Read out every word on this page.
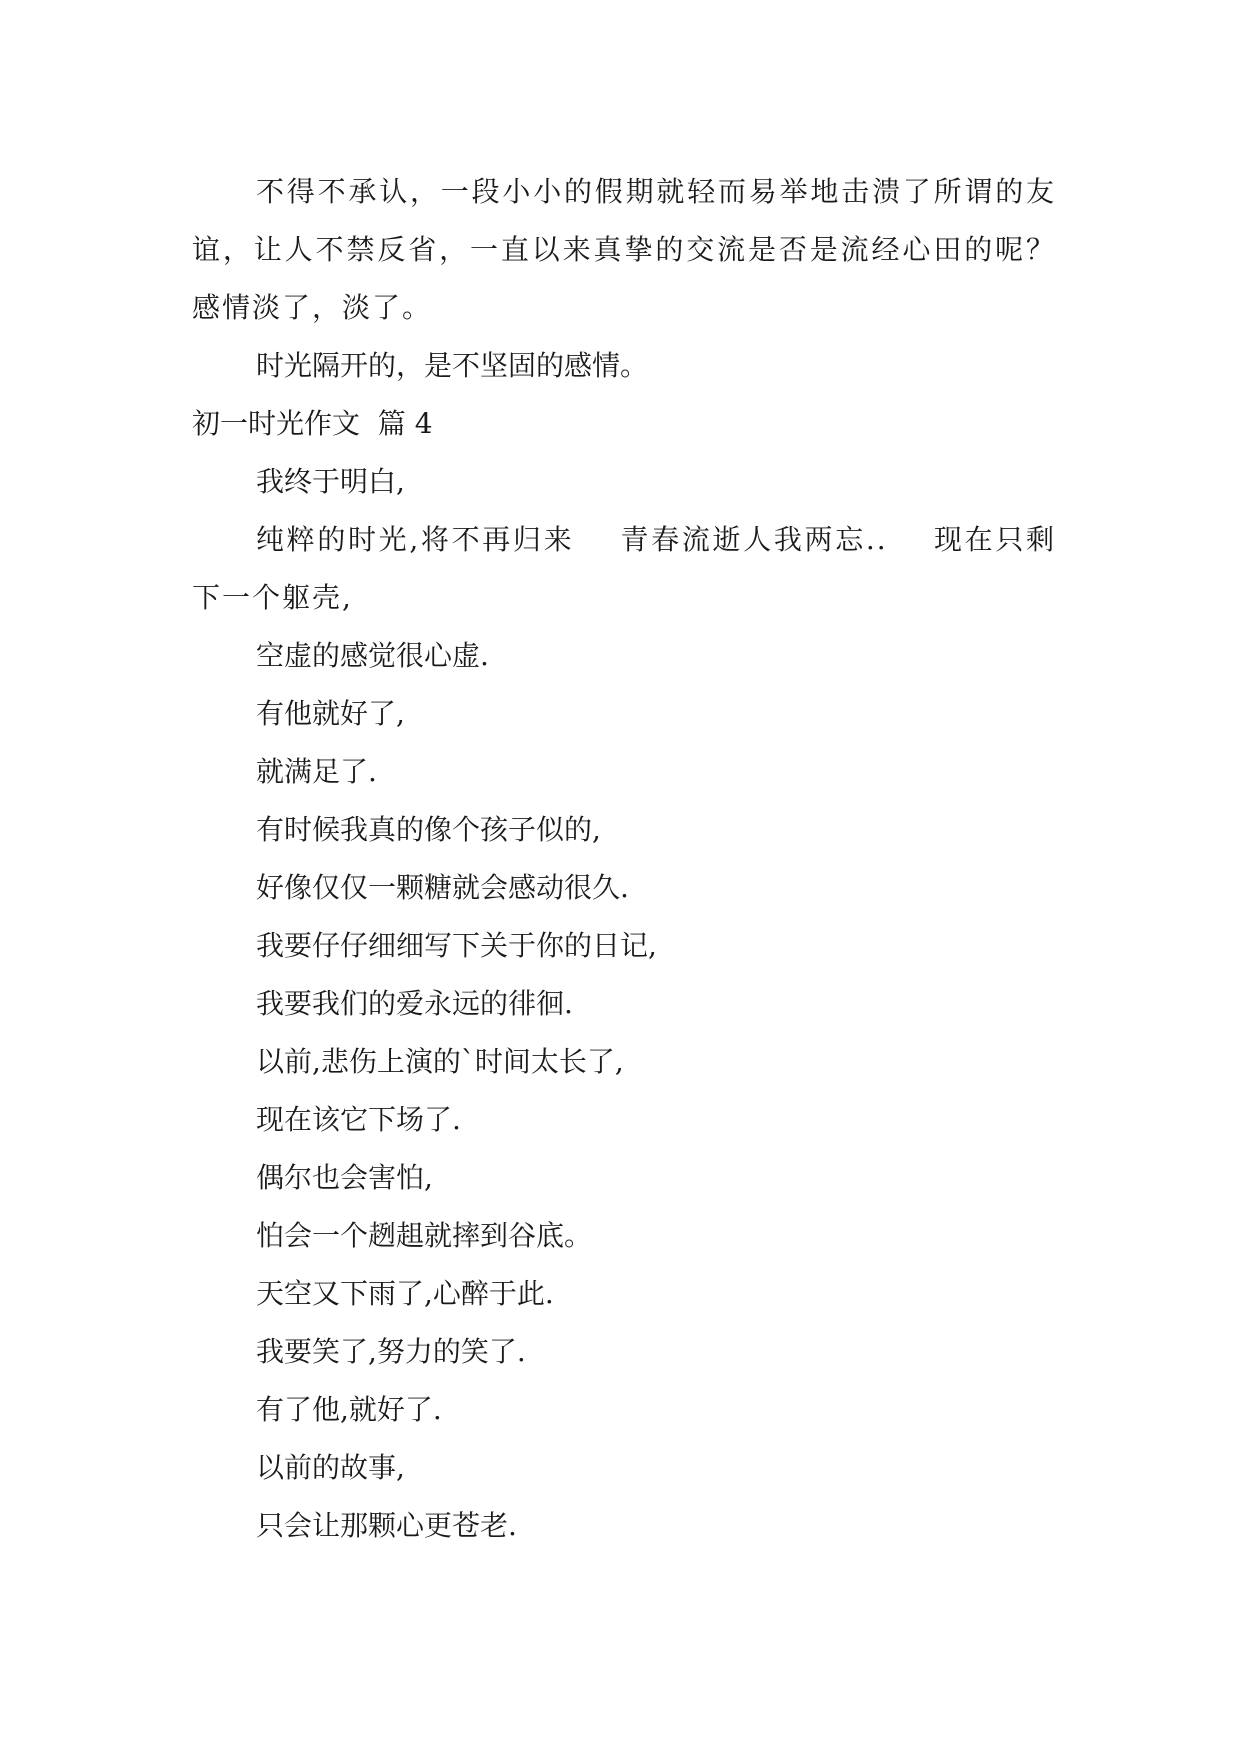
不得不承认，一段小小的假期就轻而易举地击溃了所谓的友谊，让人不禁反省，一直以来真挚的交流是否是流经心田的呢？感情淡了，淡了。

时光隔开的，是不坚固的感情。

初一时光作文  篇 4

我终于明白,

纯粹的时光,将不再归来    青春流逝人我两忘..    现在只剩下一个躯壳,

空虚的感觉很心虚.

有他就好了,

就满足了.

有时候我真的像个孩子似的,

好像仅仅一颗糖就会感动很久.

我要仔仔细细写下关于你的日记,

我要我们的爱永远的徘徊.

以前,悲伤上演的`时间太长了,

现在该它下场了.

偶尔也会害怕,

怕会一个趔趄就摔到谷底。

天空又下雨了,心醉于此.

我要笑了,努力的笑了.

有了他,就好了.

以前的故事,

只会让那颗心更苍老.
